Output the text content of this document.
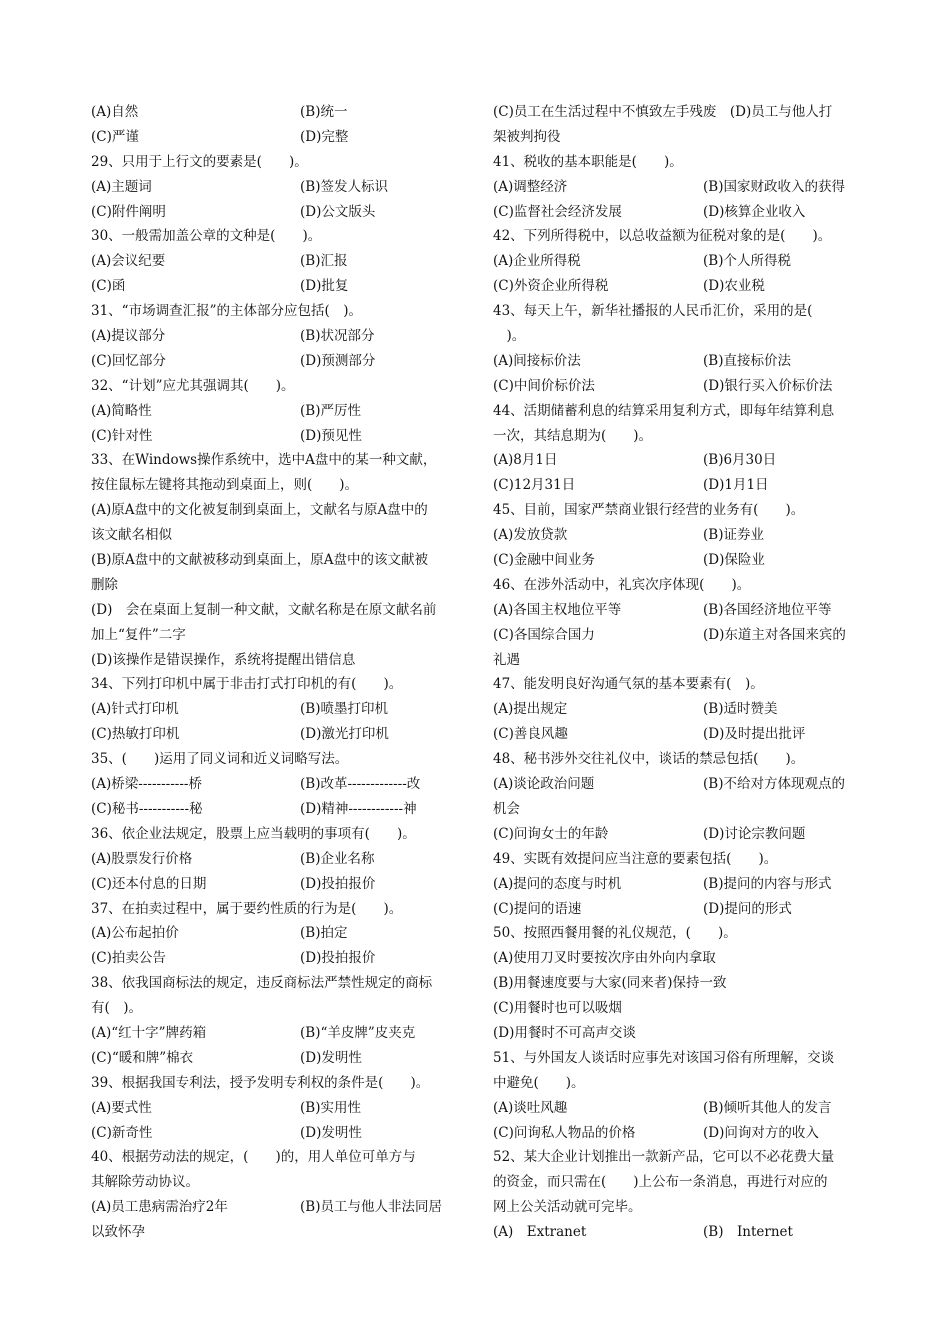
(A)自然	(B)统一
(C)严谨	(D)完整
29、只用于上行文的要素是(　　)。
(A)主题词	(B)签发人标识
(C)附件阐明	(D)公文版头
30、一般需加盖公章的文种是(　　)。
(A)会议纪要	(B)汇报
(C)函	(D)批复
31、“市场调查汇报”的主体部分应包括(　)。
(A)提议部分	(B)状况部分
(C)回忆部分	(D)预测部分
32、“计划”应尤其强调其(　　)。
(A)简略性	(B)严厉性
(C)针对性	(D)预见性
33、在Windows操作系统中，选中A盘中的某一种文献，
按住鼠标左键将其拖动到桌面上，则(　　)。
(A)原A盘中的文化被复制到桌面上，文献名与原A盘中的
该文献名相似
(B)原A盘中的文献被移动到桌面上，原A盘中的该文献被
删除
(D)　会在桌面上复制一种文献，文献名称是在原文献名前
加上“复件”二字
(D)该操作是错误操作，系统将提醒出错信息
34、下列打印机中属于非击打式打印机的有(　　)。
(A)针式打印机	(B)喷墨打印机
(C)热敏打印机	(D)激光打印机
35、(　　)运用了同义词和近义词略写法。
(A)桥梁-----------桥	(B)改革-------------改
(C)秘书-----------秘	(D)精神------------神
36、依企业法规定，股票上应当载明的事项有(　　)。
(A)股票发行价格	(B)企业名称
(C)还本付息的日期	(D)投拍报价
37、在拍卖过程中，属于要约性质的行为是(　　)。
(A)公布起拍价	(B)拍定
(C)拍卖公告	(D)投拍报价
38、依我国商标法的规定，违反商标法严禁性规定的商标
有(　)。
(A)“红十字”牌药箱	(B)“羊皮牌”皮夹克
(C)“暖和牌”棉衣	(D)发明性
39、根据我国专利法，授予发明专利权的条件是(　　)。
(A)要式性	(B)实用性
(C)新奇性	(D)发明性
40、根据劳动法的规定，(　　)的，用人单位可单方与
其解除劳动协议。
(A)员工患病需治疗2年	(B)员工与他人非法同居
以致怀孕
(C)员工在生活过程中不慎致左手残废　(D)员工与他人打
架被判拘役
41、税收的基本职能是(　　)。
(A)调整经济	(B)国家财政收入的获得
(C)监督社会经济发展	(D)核算企业收入
42、下列所得税中，以总收益额为征税对象的是(　　)。
(A)企业所得税	(B)个人所得税
(C)外资企业所得税	(D)农业税
43、每天上午，新华社播报的人民币汇价，采用的是(
　)。
(A)间接标价法	(B)直接标价法
(C)中间价标价法	(D)银行买入价标价法
44、活期储蓄利息的结算采用复利方式，即每年结算利息
一次，其结息期为(　　)。
(A)8月1日	(B)6月30日
(C)12月31日	(D)1月1日
45、目前，国家严禁商业银行经营的业务有(　　)。
(A)发放贷款	(B)证券业
(C)金融中间业务	(D)保险业
46、在涉外活动中，礼宾次序体现(　　)。
(A)各国主权地位平等	(B)各国经济地位平等
(C)各国综合国力	(D)东道主对各国来宾的
礼遇
47、能发明良好沟通气氛的基本要素有(　)。
(A)提出规定	(B)适时赞美
(C)善良风趣	(D)及时提出批评
48、秘书涉外交往礼仪中，谈话的禁忌包括(　　)。
(A)谈论政治问题	(B)不给对方体现观点的
机会
(C)问询女士的年龄	(D)讨论宗教问题
49、实既有效提问应当注意的要素包括(　　)。
(A)提问的态度与时机	(B)提问的内容与形式
(C)提问的语速	(D)提问的形式
50、按照西餐用餐的礼仪规范，(　　)。
(A)使用刀叉时要按次序由外向内拿取
(B)用餐速度要与大家(同来者)保持一致
(C)用餐时也可以吸烟
(D)用餐时不可高声交谈
51、与外国友人谈话时应事先对该国习俗有所理解，交谈
中避免(　　)。
(A)谈吐风趣	(B)倾听其他人的发言
(C)问询私人物品的价格	(D)问询对方的收入
52、某大企业计划推出一款新产品，它可以不必花费大量
的资金，而只需在(　　)上公布一条消息，再进行对应的
网上公关活动就可完毕。
(A)　Extranet	(B)　Internet
